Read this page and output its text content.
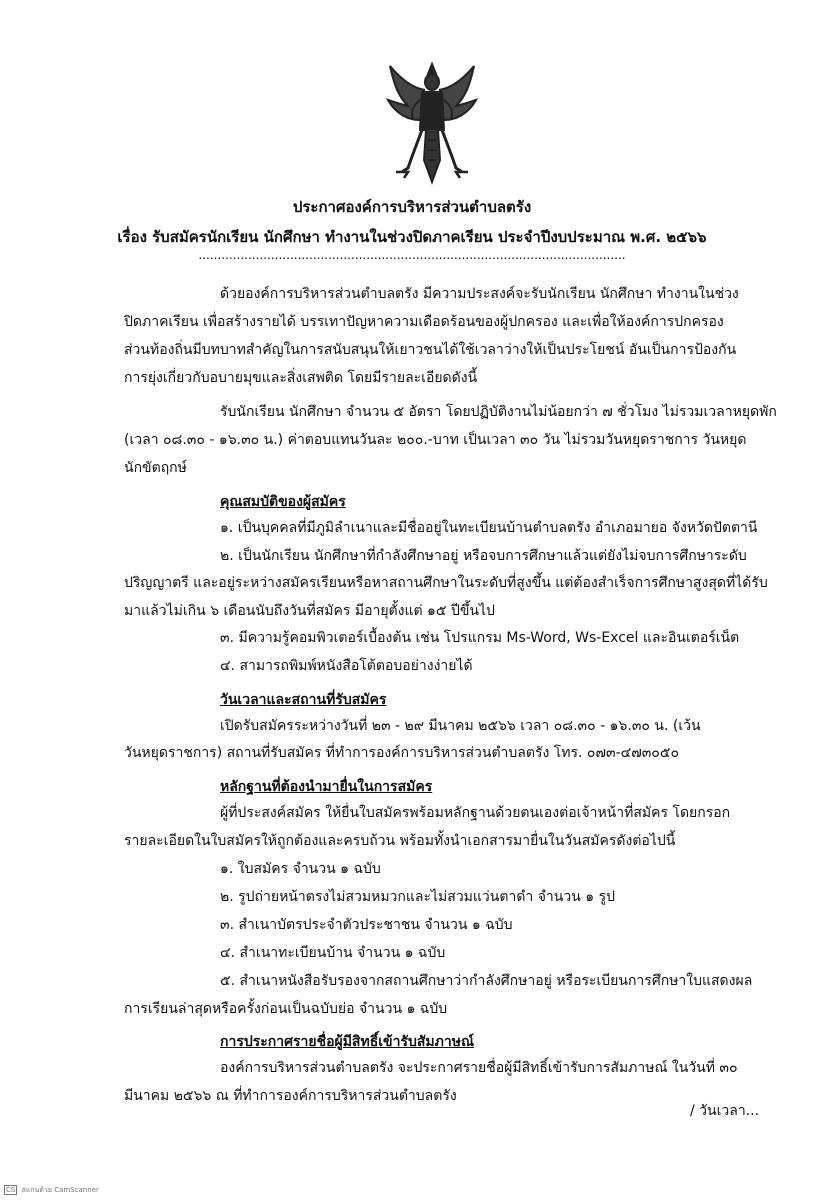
ประกาศองค์การบริหารส่วนตำบลตรัง
เรื่อง รับสมัครนักเรียน นักศึกษา ทำงานในช่วงปิดภาคเรียน ประจำปีงบประมาณ พ.ศ. ๒๕๖๖
................................................................................................................
ด้วยองค์การบริหารส่วนตำบลตรัง มีความประสงค์จะรับนักเรียน นักศึกษา ทำงานในช่วง
ปิดภาคเรียน เพื่อสร้างรายได้ บรรเทาปัญหาความเดือดร้อนของผู้ปกครอง และเพื่อให้องค์การปกครอง
ส่วนท้องถิ่นมีบทบาทสำคัญในการสนับสนุนให้เยาวชนได้ใช้เวลาว่างให้เป็นประโยชน์ อันเป็นการป้องกัน
การยุ่งเกี่ยวกับอบายมุขและสิ่งเสพติด โดยมีรายละเอียดดังนี้
รับนักเรียน นักศึกษา จำนวน ๕ อัตรา โดยปฏิบัติงานไม่น้อยกว่า ๗ ชั่วโมง ไม่รวมเวลาหยุดพัก
(เวลา ๐๘.๓๐ - ๑๖.๓๐ น.) ค่าตอบแทนวันละ ๒๐๐.-บาท เป็นเวลา ๓๐ วัน ไม่รวมวันหยุดราชการ วันหยุด
นักขัตฤกษ์
คุณสมบัติของผู้สมัคร
๑. เป็นบุคคลที่มีภูมิลำเนาและมีชื่ออยู่ในทะเบียนบ้านตำบลตรัง อำเภอมายอ จังหวัดปัตตานี
๒. เป็นนักเรียน นักศึกษาที่กำลังศึกษาอยู่ หรือจบการศึกษาแล้วแต่ยังไม่จบการศึกษาระดับ
ปริญญาตรี และอยู่ระหว่างสมัครเรียนหรือหาสถานศึกษาในระดับที่สูงขึ้น แต่ต้องสำเร็จการศึกษาสูงสุดที่ได้รับ
มาแล้วไม่เกิน ๖ เดือนนับถึงวันที่สมัคร มีอายุตั้งแต่ ๑๕ ปีขึ้นไป
๓. มีความรู้คอมพิวเตอร์เบื้องต้น เช่น โปรแกรม Ms-Word, Ws-Excel และอินเตอร์เน็ต
๔. สามารถพิมพ์หนังสือโต้ตอบอย่างง่ายได้
วันเวลาและสถานที่รับสมัคร
เปิดรับสมัครระหว่างวันที่ ๒๓ - ๒๙ มีนาคม ๒๕๖๖ เวลา ๐๘.๓๐ - ๑๖.๓๐ น. (เว้น
วันหยุดราชการ) สถานที่รับสมัคร ที่ทำการองค์การบริหารส่วนตำบลตรัง โทร. ๐๗๓-๔๗๓๐๕๐
หลักฐานที่ต้องนำมายื่นในการสมัคร
ผู้ที่ประสงค์สมัคร ให้ยื่นใบสมัครพร้อมหลักฐานด้วยตนเองต่อเจ้าหน้าที่สมัคร โดยกรอก
รายละเอียดในใบสมัครให้ถูกต้องและครบถ้วน พร้อมทั้งนำเอกสารมายื่นในวันสมัครดังต่อไปนี้
๑. ใบสมัคร จำนวน ๑ ฉบับ
๒. รูปถ่ายหน้าตรงไม่สวมหมวกและไม่สวมแว่นตาดำ จำนวน ๑ รูป
๓. สำเนาบัตรประจำตัวประชาชน จำนวน ๑ ฉบับ
๔. สำเนาทะเบียนบ้าน จำนวน ๑ ฉบับ
๕. สำเนาหนังสือรับรองจากสถานศึกษาว่ากำลังศึกษาอยู่ หรือระเบียนการศึกษาใบแสดงผล
การเรียนล่าสุดหรือครั้งก่อนเป็นฉบับย่อ จำนวน ๑ ฉบับ
การประกาศรายชื่อผู้มีสิทธิ์เข้ารับสัมภาษณ์
องค์การบริหารส่วนตำบลตรัง จะประกาศรายชื่อผู้มีสิทธิ์เข้ารับการสัมภาษณ์ ในวันที่ ๓๐
มีนาคม ๒๕๖๖ ณ ที่ทำการองค์การบริหารส่วนตำบลตรัง
/ วันเวลา...
CS สแกนด้วย CamScanner
